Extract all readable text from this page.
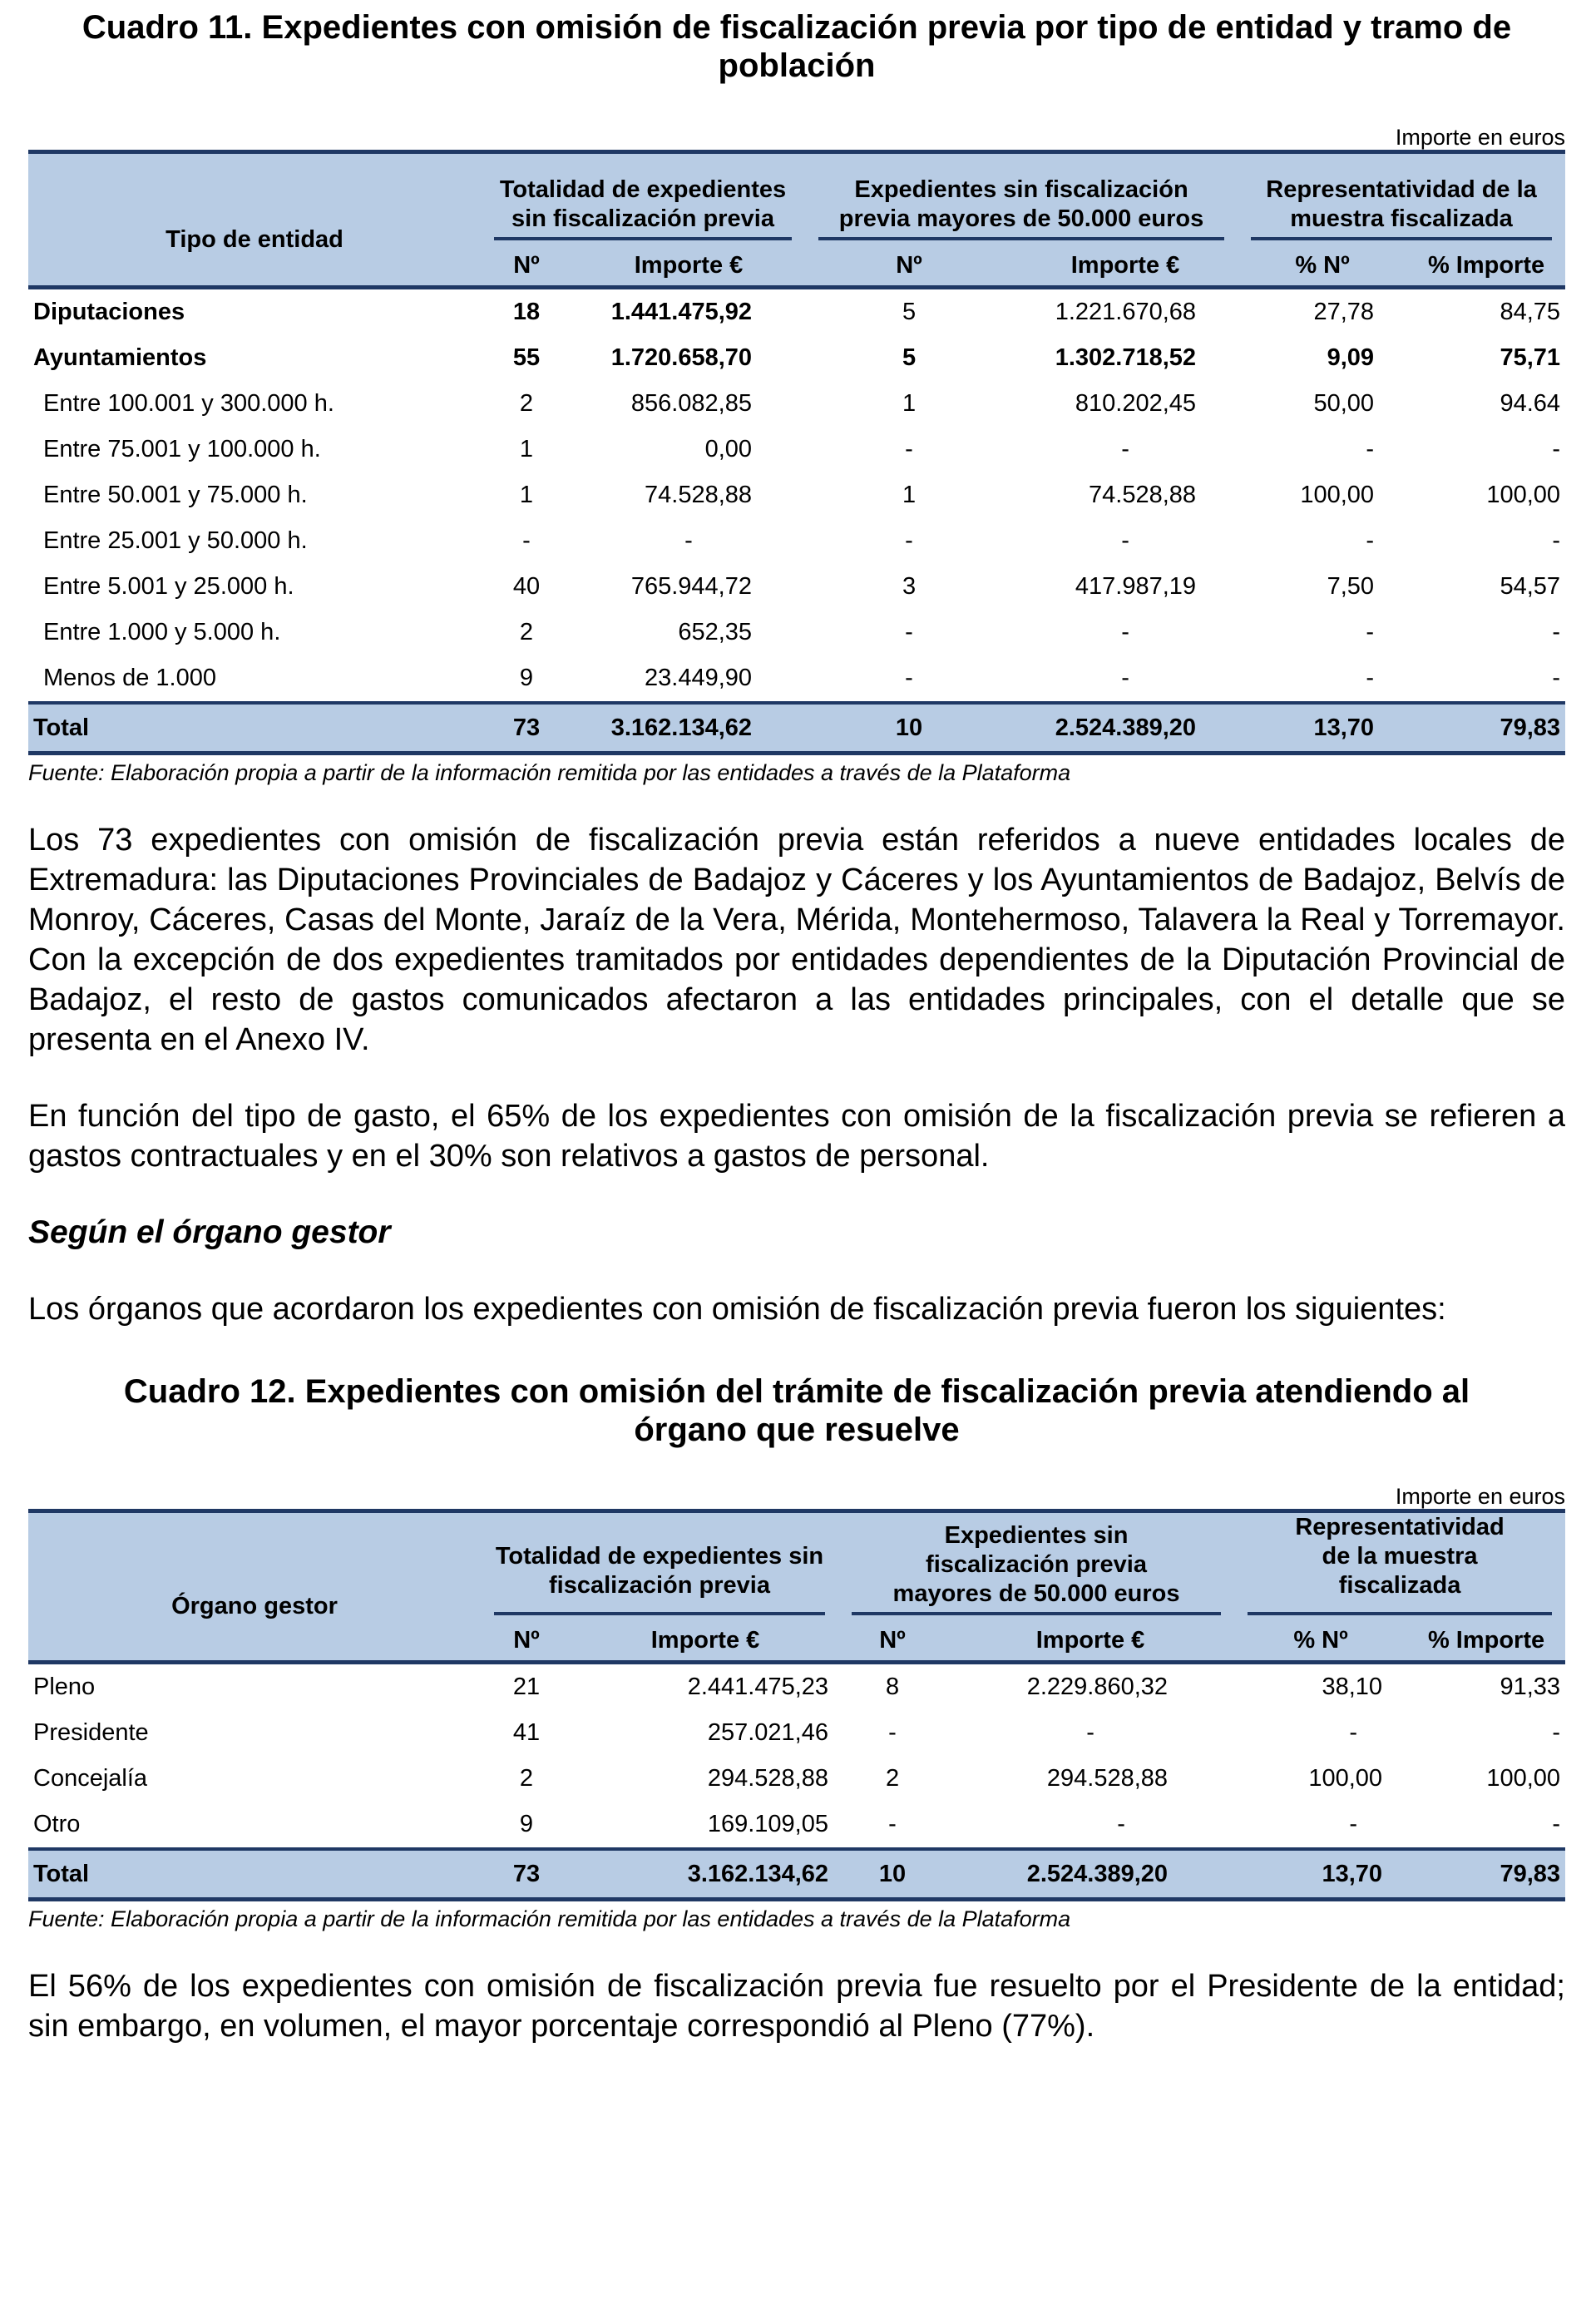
Cuadro 11. Expedientes con omisión de fiscalización previa por tipo de entidad y tramo de población
Importe en euros
Tipo de entidad	Totalidad de expedientes sin fiscalización previa		Expedientes sin fiscalización previa mayores de 50.000 euros		Representatividad de la muestra fiscalizada	

	Nº	Importe €	Nº	Importe €	% Nº	% Importe
Diputaciones	18	1.441.475,92	5	1.221.670,68	27,78	84,75
Ayuntamientos	55	1.720.658,70	5	1.302.718,52	9,09	75,71
Entre 100.001 y 300.000 h.	2	856.082,85	1	810.202,45	50,00	94.64
Entre 75.001 y 100.000 h.	1	0,00	-	-	-	-
Entre 50.001 y 75.000 h.	1	74.528,88	1	74.528,88	100,00	100,00
Entre 25.001 y 50.000 h.	-	-	-	-	-	-
Entre 5.001 y 25.000 h.	40	765.944,72	3	417.987,19	7,50	54,57
Entre 1.000 y 5.000 h.	2	652,35	-	-	-	-
Menos de 1.000	9	23.449,90	-	-	-	-
Total	73	3.162.134,62	10	2.524.389,20	13,70	79,83
Fuente: Elaboración propia a partir de la información remitida por las entidades a través de la Plataforma
Los 73 expedientes con omisión de fiscalización previa están referidos a nueve entidades locales de Extremadura: las Diputaciones Provinciales de Badajoz y Cáceres y los Ayuntamientos de Badajoz, Belvís de Monroy, Cáceres, Casas del Monte, Jaraíz de la Vera, Mérida, Montehermoso, Talavera la Real y Torremayor. Con la excepción de dos expedientes tramitados por entidades dependientes de la Diputación Provincial de Badajoz, el resto de gastos comunicados afectaron a las entidades principales, con el detalle que se presenta en el Anexo IV.
En función del tipo de gasto, el 65% de los expedientes con omisión de la fiscalización previa se refieren a gastos contractuales y en el 30% son relativos a gastos de personal.
Según el órgano gestor
Los órganos que acordaron los expedientes con omisión de fiscalización previa fueron los siguientes:
Cuadro 12. Expedientes con omisión del trámite de fiscalización previa atendiendo al órgano que resuelve
Importe en euros
Órgano gestor	Totalidad de expedientes sin fiscalización previa		Expedientes sin fiscalización previa mayores de 50.000 euros		Representatividad de la muestra fiscalizada	

	Nº	Importe €	Nº	Importe €	% Nº	% Importe
Pleno	21	2.441.475,23	8	2.229.860,32	38,10	91,33
Presidente	41	257.021,46	-	-	-	-
Concejalía	2	294.528,88	2	294.528,88	100,00	100,00
Otro	9	169.109,05	-	-	-	-
Total	73	3.162.134,62	10	2.524.389,20	13,70	79,83
Fuente: Elaboración propia a partir de la información remitida por las entidades a través de la Plataforma
El 56% de los expedientes con omisión de fiscalización previa fue resuelto por el Presidente de la entidad; sin embargo, en volumen, el mayor porcentaje correspondió al Pleno (77%).
